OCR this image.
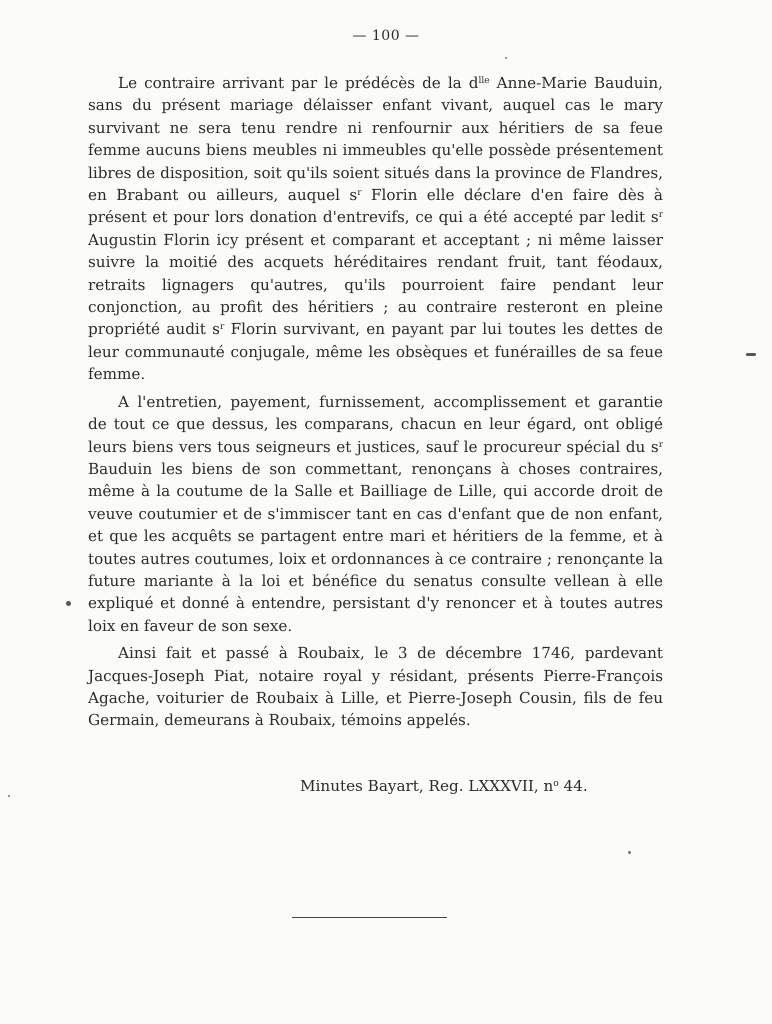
— 100 —

Le contraire arrivant par le prédécès de la $d^{lle}$ Anne-Marie Bauduin, sans du présent mariage délaisser enfant vivant, auquel cas le mary survivant ne sera tenu rendre ni renfournir aux héritiers de sa feue femme aucuns biens meubles ni immeubles qu'elle possède présentement libres de disposition, soit qu'ils soient situés dans la province de Flandres, en Brabant ou ailleurs, auquel $s^r$ Florin elle déclare d'en faire dès à présent et pour lors donation d'entrevifs, ce qui a été accepté par ledit $s^r$ Augustin Florin icy présent et comparant et acceptant ; ni même laisser suivre la moitié des acquets héréditaires rendant fruit, tant féodaux, retraits lignagers qu'autres, qu'ils pourroient faire pendant leur conjonction, au profit des héritiers ; au contraire resteront en pleine propriété audit $s^r$ Florin survivant, en payant par lui toutes les dettes de leur communauté conjugale, même les obsèques et funérailles de sa feue femme.

A l'entretien, payement, furnissement, accomplissement et garantie de tout ce que dessus, les comparans, chacun en leur égard, ont obligé leurs biens vers tous seigneurs et justices, sauf le procureur spécial du $s^r$ Bauduin les biens de son commettant, renonçans à choses contraires, même à la coutume de la Salle et Bailliage de Lille, qui accorde droit de veuve coutumier et de s'immiscer tant en cas d'enfant que de non enfant, et que les acquêts se partagent entre mari et héritiers de la femme, et à toutes autres coutumes, loix et ordonnances à ce contraire ; renonçante la future mariante à la loi et bénéfice du senatus consulte vellean à elle expliqué et donné à entendre, persistant d'y renoncer et à toutes autres loix en faveur de son sexe.

Ainsi fait et passé à Roubaix, le 3 de décembre 1746, pardevant Jacques-Joseph Piat, notaire royal y résidant, présents Pierre-François Agache, voiturier de Roubaix à Lille, et Pierre-Joseph Cousin, fils de feu Germain, demeurans à Roubaix, témoins appelés.

Minutes Bayart, Reg. LXXXVII, $n^o$ 44.
